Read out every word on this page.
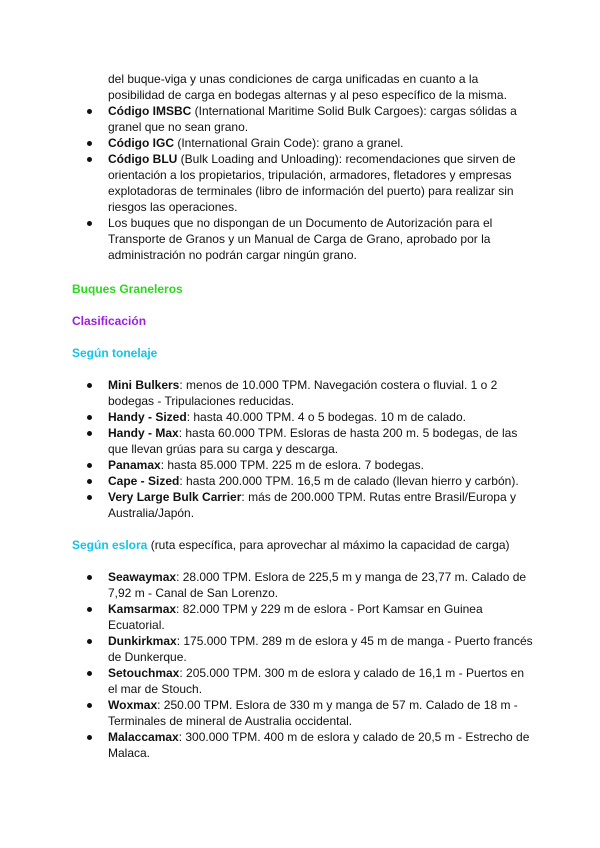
del buque-viga y unas condiciones de carga unificadas en cuanto a la
posibilidad de carga en bodegas alternas y al peso específico de la misma.
Código IMSBC (International Maritime Solid Bulk Cargoes): cargas sólidas a granel que no sean grano.
Código IGC (International Grain Code): grano a granel.
Código BLU (Bulk Loading and Unloading): recomendaciones que sirven de orientación a los propietarios, tripulación, armadores, fletadores y empresas explotadoras de terminales (libro de información del puerto) para realizar sin riesgos las operaciones.
Los buques que no dispongan de un Documento de Autorización para el Transporte de Granos y un Manual de Carga de Grano, aprobado por la administración no podrán cargar ningún grano.
Buques Graneleros
Clasificación
Según tonelaje
Mini Bulkers: menos de 10.000 TPM. Navegación costera o fluvial. 1 o 2 bodegas - Tripulaciones reducidas.
Handy - Sized: hasta 40.000 TPM. 4 o 5 bodegas. 10 m de calado.
Handy - Max: hasta 60.000 TPM. Esloras de hasta 200 m. 5 bodegas, de las que llevan grúas para su carga y descarga.
Panamax: hasta 85.000 TPM. 225 m de eslora. 7 bodegas.
Cape - Sized: hasta 200.000 TPM. 16,5 m de calado (llevan hierro y carbón).
Very Large Bulk Carrier: más de 200.000 TPM. Rutas entre Brasil/Europa y Australia/Japón.
Según eslora (ruta específica, para aprovechar al máximo la capacidad de carga)
Seawaymax: 28.000 TPM. Eslora de 225,5 m y manga de 23,77 m. Calado de 7,92 m - Canal de San Lorenzo.
Kamsarmax: 82.000 TPM y 229 m de eslora - Port Kamsar en Guinea Ecuatorial.
Dunkirkmax: 175.000 TPM. 289 m de eslora y 45 m de manga - Puerto francés de Dunkerque.
Setouchmax: 205.000 TPM. 300 m de eslora y calado de 16,1 m - Puertos en el mar de Stouch.
Woxmax: 250.00 TPM. Eslora de 330 m y manga de 57 m. Calado de 18 m - Terminales de mineral de Australia occidental.
Malaccamax: 300.000 TPM. 400 m de eslora y calado de 20,5 m - Estrecho de Malaca.
